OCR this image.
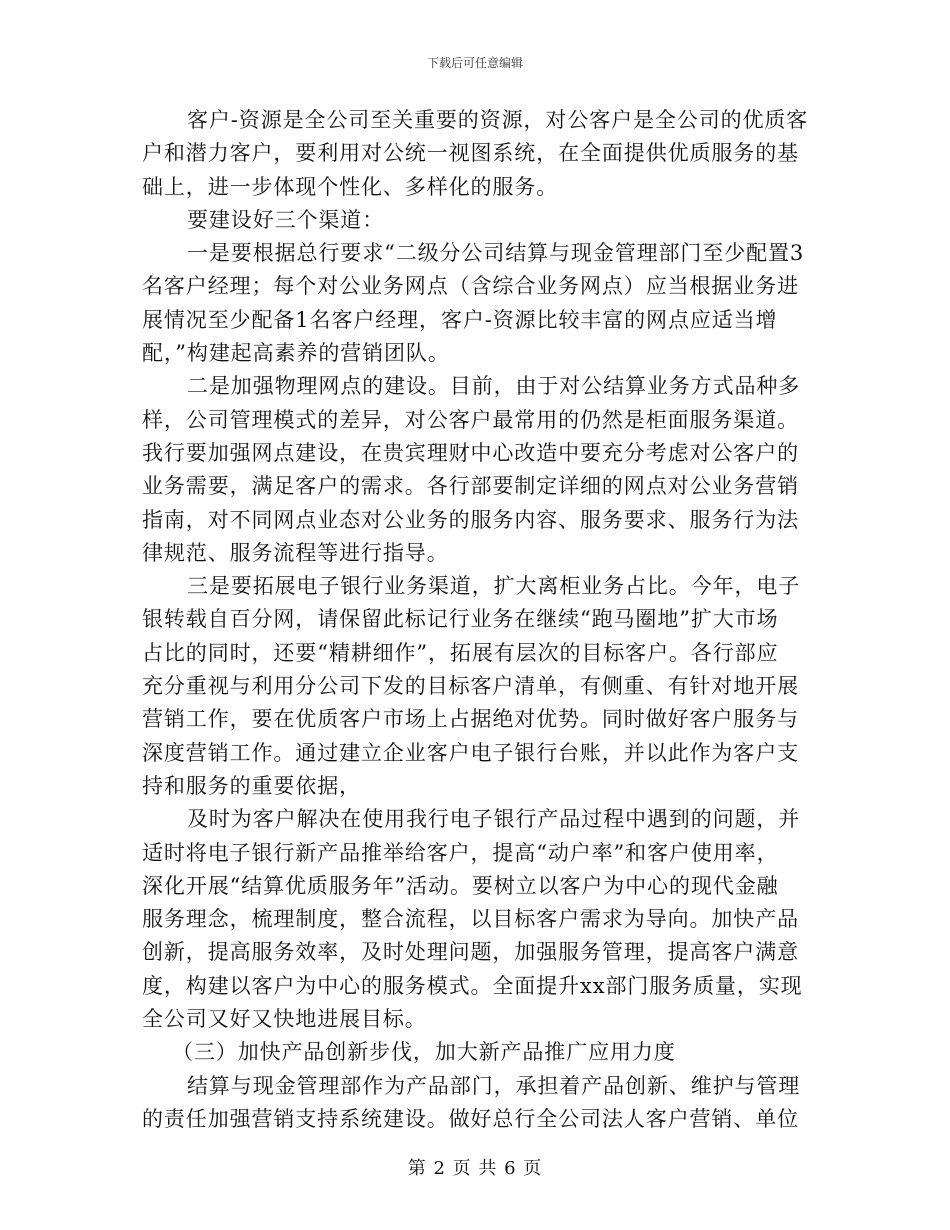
下载后可任意编辑
客户-资源是全公司至关重要的资源，对公客户是全公司的优质客
户和潜力客户，要利用对公统一视图系统，在全面提供优质服务的基
础上，进一步体现个性化、多样化的服务。
要建设好三个渠道：
一是要根据总行要求“二级分公司结算与现金管理部门至少配置3
名客户经理；每个对公业务网点（含综合业务网点）应当根据业务进
展情况至少配备1名客户经理，客户-资源比较丰富的网点应适当增
配，”构建起高素养的营销团队。
二是加强物理网点的建设。目前，由于对公结算业务方式品种多
样，公司管理模式的差异，对公客户最常用的仍然是柜面服务渠道。
我行要加强网点建设，在贵宾理财中心改造中要充分考虑对公客户的
业务需要，满足客户的需求。各行部要制定详细的网点对公业务营销
指南，对不同网点业态对公业务的服务内容、服务要求、服务行为法
律规范、服务流程等进行指导。
三是要拓展电子银行业务渠道，扩大离柜业务占比。今年，电子
银转载自百分网，请保留此标记行业务在继续“跑马圈地”扩大市场
占比的同时，还要“精耕细作”，拓展有层次的目标客户。各行部应
充分重视与利用分公司下发的目标客户清单，有侧重、有针对地开展
营销工作，要在优质客户市场上占据绝对优势。同时做好客户服务与
深度营销工作。通过建立企业客户电子银行台账，并以此作为客户支
持和服务的重要依据，
及时为客户解决在使用我行电子银行产品过程中遇到的问题，并
适时将电子银行新产品推举给客户，提高“动户率”和客户使用率，
深化开展“结算优质服务年”活动。要树立以客户为中心的现代金融
服务理念，梳理制度，整合流程，以目标客户需求为导向。加快产品
创新，提高服务效率，及时处理问题，加强服务管理，提高客户满意
度，构建以客户为中心的服务模式。全面提升xx部门服务质量，实现
全公司又好又快地进展目标。
（三）加快产品创新步伐，加大新产品推广应用力度
结算与现金管理部作为产品部门，承担着产品创新、维护与管理
的责任加强营销支持系统建设。做好总行全公司法人客户营销、单位
第 2 页 共 6 页
